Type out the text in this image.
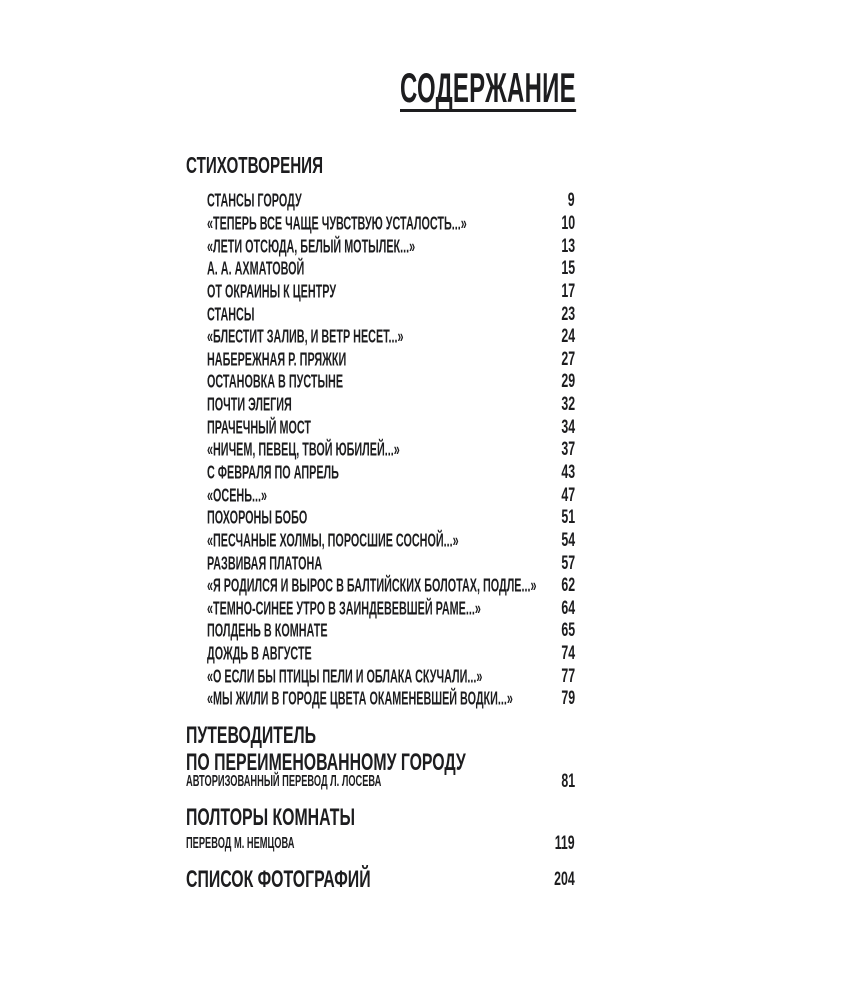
СОДЕРЖАНИЕ
СТИХОТВОРЕНИЯ
СТАНСЫ ГОРОДУ	9
«ТЕПЕРЬ ВСЕ ЧАЩЕ ЧУВСТВУЮ УСТАЛОСТЬ...»	10
«ЛЕТИ ОТСЮДА, БЕЛЫЙ МОТЫЛЕК...»	13
А. А. АХМАТОВОЙ	15
ОТ ОКРАИНЫ К ЦЕНТРУ	17
СТАНСЫ	23
«БЛЕСТИТ ЗАЛИВ, И ВЕТР НЕСЕТ...»	24
НАБЕРЕЖНАЯ Р. ПРЯЖКИ	27
ОСТАНОВКА В ПУСТЫНЕ	29
ПОЧТИ ЭЛЕГИЯ	32
ПРАЧЕЧНЫЙ МОСТ	34
«НИЧЕМ, ПЕВЕЦ, ТВОЙ ЮБИЛЕЙ...»	37
С ФЕВРАЛЯ ПО АПРЕЛЬ	43
«ОСЕНЬ...»	47
ПОХОРОНЫ БОБО	51
«ПЕСЧАНЫЕ ХОЛМЫ, ПОРОСШИЕ СОСНОЙ...»	54
РАЗВИВАЯ ПЛАТОНА	57
«Я РОДИЛСЯ И ВЫРОС В БАЛТИЙСКИХ БОЛОТАХ, ПОДЛЕ...» 62
«ТЕМНО-СИНЕЕ УТРО В ЗАИНДЕВЕВШЕЙ РАМЕ...»	64
ПОЛДЕНЬ В КОМНАТЕ	65
ДОЖДЬ В АВГУСТЕ	74
«О ЕСЛИ БЫ ПТИЦЫ ПЕЛИ И ОБЛАКА СКУЧАЛИ...»	77
«МЫ ЖИЛИ В ГОРОДЕ ЦВЕТА ОКАМЕНЕВШЕЙ ВОДКИ...»	79
ПУТЕВОДИТЕЛЬ
ПО ПЕРЕИМЕНОВАННОМУ ГОРОДУ
АВТОРИЗОВАННЫЙ ПЕРЕВОД Л. ЛОСЕВА	81
ПОЛТОРЫ КОМНАТЫ
ПЕРЕВОД М. НЕМЦОВА	119
СПИСОК ФОТОГРАФИЙ	204
